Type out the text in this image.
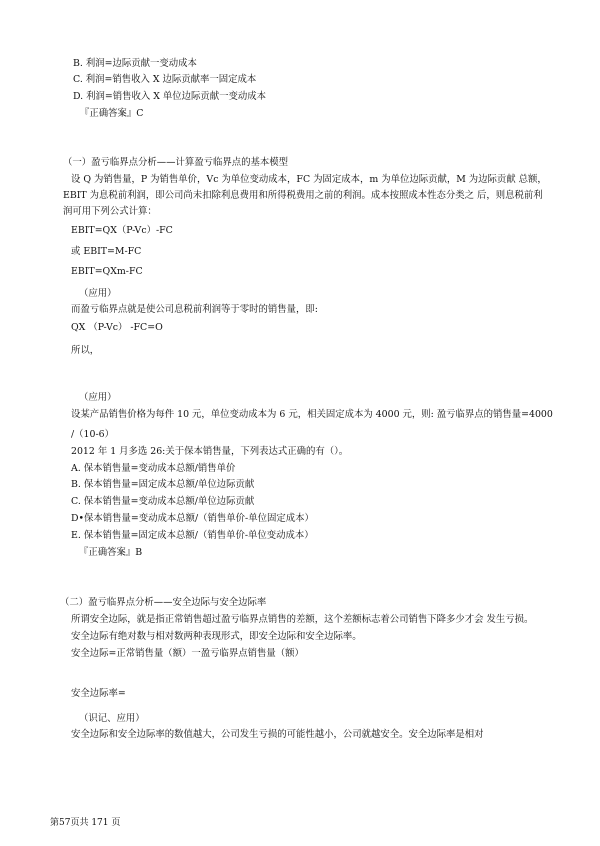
B. 利润=边际贡献一变动成本

C. 利润=销售收入 X 边际贡献率一固定成本

D. 利润=销售收入 X 单位边际贡献一变动成本

『正确答案』C

（一）盈亏临界点分析——计算盈亏临界点的基本模型

设 Q 为销售量，P 为销售单价，Vc 为单位变动成本，FC 为固定成本，m 为单位边际贡献，M 为边际贡献 总额，

EBIT 为息税前利润，即公司尚未扣除利息费用和所得税费用之前的利润。成本按照成本性态分类之 后，则息税前利

润可用下列公式计算：

EBIT=QX（P-Vc）-FC

或 EBIT=M-FC

EBIT=QXm-FC

（应用）

而盈亏临界点就是使公司息税前利润等于零时的销售量，即:

QX （P-Vc） -FC=O

所以，

（应用）

设某产品销售价格为每件 10 元，单位变动成本为 6 元，相关固定成本为 4000 元，则: 盈亏临界点的销售量=4000

/（10-6）

2012 年 1 月多选 26:关于保本销售量，下列表达式正确的有（）。

A. 保本销售量=变动成本总额/销售单价

B. 保本销售量=固定成本总额/单位边际贡献

C. 保本销售量=变动成本总额/单位边际贡献

D•保本销售量=变动成本总额/（销售单价-单位固定成本）

E. 保本销售量=固定成本总额/（销售单价-单位变动成本）

『正确答案』B

（二）盈亏临界点分析——安全边际与安全边际率

所谓安全边际，就是指正常销售超过盈亏临界点销售的差额，这个差额标志着公司销售下降多少才会 发生亏损。

安全边际有绝对数与相对数两种表现形式，即安全边际和安全边际率。

安全边际=正常销售量（额）一盈亏临界点销售量（额）

安全边际率=

（识记、应用）

安全边际和安全边际率的数值越大，公司发生亏损的可能性越小，公司就越安全。安全边际率是相对

第57页共 171 页
